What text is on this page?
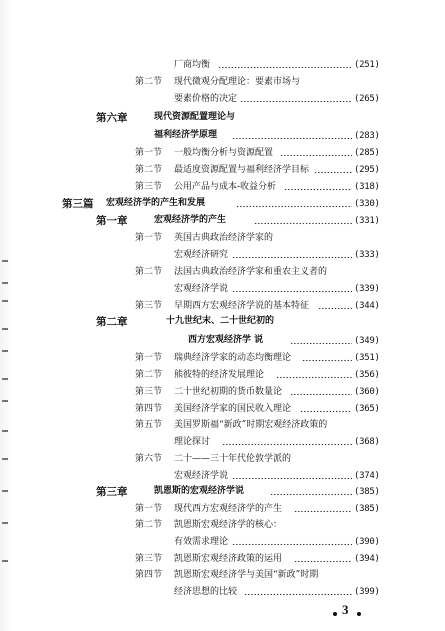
厂商均衡	(251)
第二节 现代微观分配理论：要素市场与
要素价格的决定	(265)
第六章	现代资源配置理论与
福利经济学原理	(283)
第一节 一般均衡分析与资源配置	(285)
第二节 最适度资源配置与福利经济学目标	(295)
第三节 公用产品与成本-收益分析	(318)
第三篇 宏观经济学的产生和发展	(330)
第一章	宏观经济学的产生	(331)
第一节 英国古典政治经济学家的
宏观经济研究	(333)
第二节 法国古典政治经济学家和重农主义者的
宏观经济学说	(339)
第三节 早期西方宏观经济学说的基本特征	(344)
第二章	十九世纪末、二十世纪初的
西方宏观经济学 说	(349)
第一节 瑞典经济学家的动态均衡理论	(351)
第二节 熊彼特的经济发展理论	(356)
第三节 二十世纪初期的货币数量论	(360)
第四节 美国经济学家的国民收入理论	(365)
第五节 美国罗斯福“新政”时期宏观经济政策的
理论探讨	(368)
第六节 二十——三十年代伦敦学派的
宏观经济学说	(374)
第三章	凯恩斯的宏观经济学说	(385)
第一节 现代西方宏观经济学的产生	(385)
第二节 凯恩斯宏观经济学的核心：
有效需求理论	(390)
第三节 凯恩斯宏观经济政策的运用	(394)
第四节 凯恩斯宏观经济学与美国“新政”时期
经济思想的比较	(399)
3
